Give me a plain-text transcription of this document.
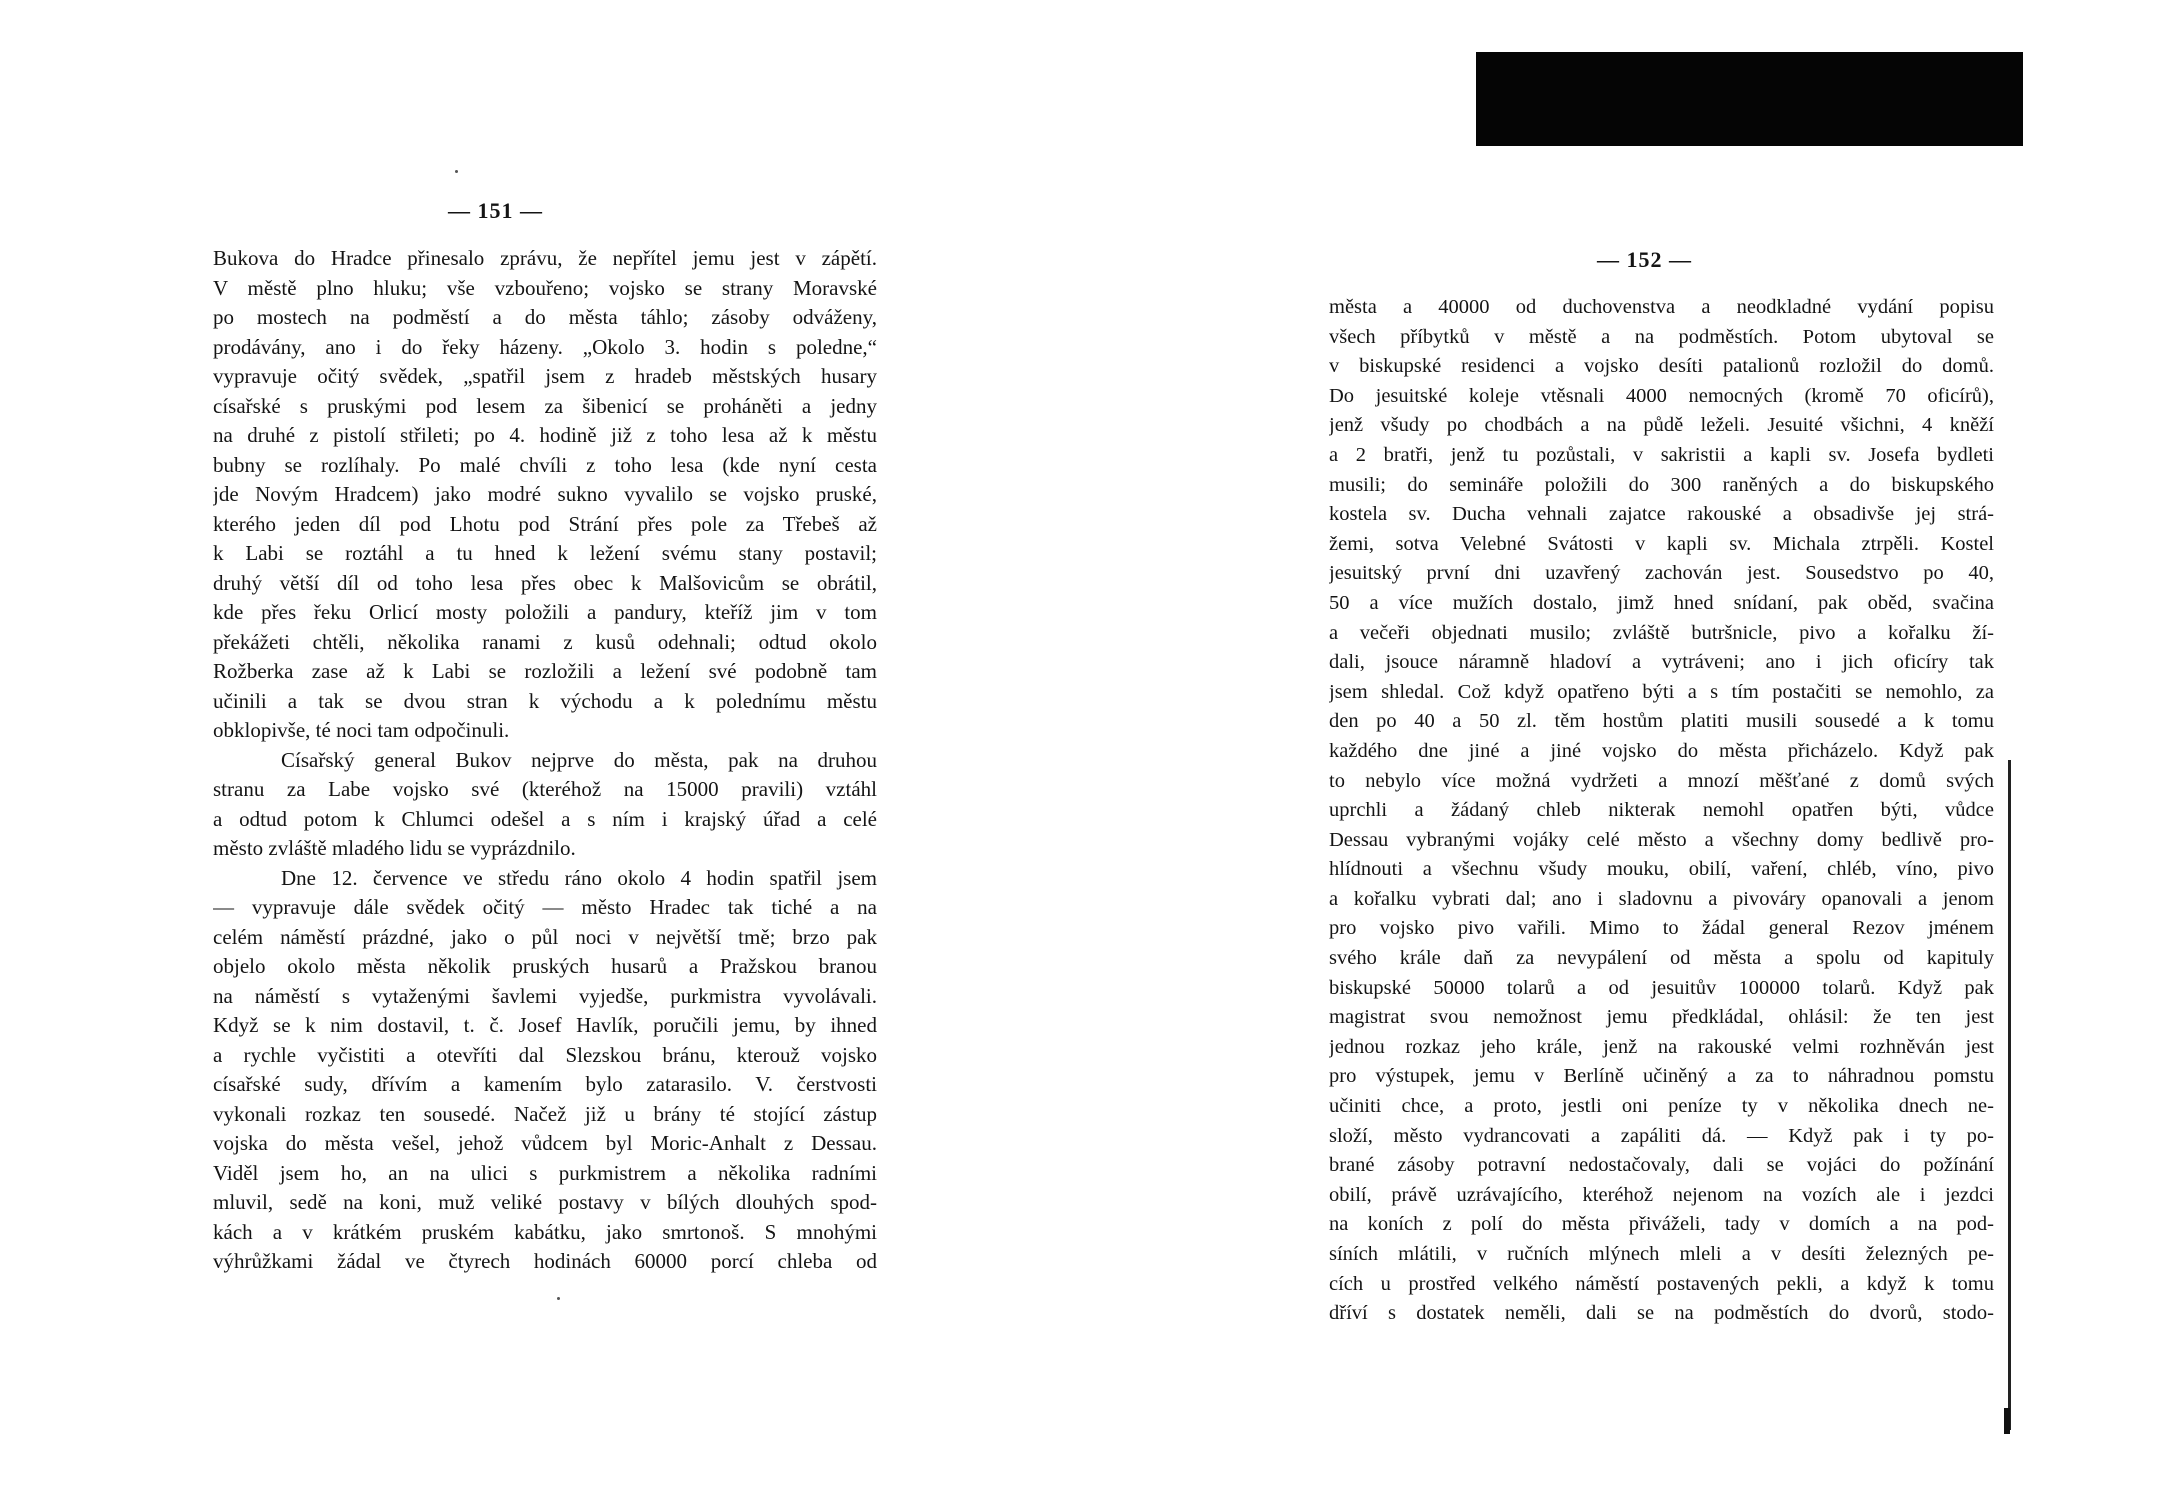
— 151 —
Bukova do Hradce přinesalo zprávu, že nepřítel jemu jest v zápětí.
V městě plno hluku; vše vzbouřeno; vojsko se strany Moravské
po mostech na podměstí a do města táhlo; zásoby odváženy,
prodávány, ano i do řeky házeny. „Okolo 3. hodin s poledne,“
vypravuje očitý svědek, „spatřil jsem z hradeb městských husary
císařské s pruskými pod lesem za šibenicí se proháněti a jedny
na druhé z pistolí střileti; po 4. hodině již z toho lesa až k městu
bubny se rozlíhaly. Po malé chvíli z toho lesa (kde nyní cesta
jde Novým Hradcem) jako modré sukno vyvalilo se vojsko pruské,
kterého jeden díl pod Lhotu pod Strání přes pole za Třebeš až
k Labi se roztáhl a tu hned k ležení svému stany postavil;
druhý větší díl od toho lesa přes obec k Malšovicům se obrátil,
kde přes řeku Orlicí mosty položili a pandury, kteříž jim v tom
překážeti chtěli, několika ranami z kusů odehnali; odtud okolo
Rožberka zase až k Labi se rozložili a ležení své podobně tam
učinili a tak se dvou stran k východu a k polednímu městu
obklopivše, té noci tam odpočinuli.
Císařský general Bukov nejprve do města, pak na druhou
stranu za Labe vojsko své (kteréhož na 15000 pravili) vztáhl
a odtud potom k Chlumci odešel a s ním i krajský úřad a celé
město zvláště mladého lidu se vyprázdnilo.
Dne 12. července ve středu ráno okolo 4 hodin spatřil jsem
— vypravuje dále svědek očitý — město Hradec tak tiché a na
celém náměstí prázdné, jako o půl noci v největší tmě; brzo pak
objelo okolo města několik pruských husarů a Pražskou branou
na náměstí s vytaženými šavlemi vyjedše, purkmistra vyvolávali.
Když se k nim dostavil, t. č. Josef Havlík, poručili jemu, by ihned
a rychle vyčistiti a otevříti dal Slezskou bránu, kterouž vojsko
císařské sudy, dřívím a kamením bylo zatarasilo. V. čerstvosti
vykonali rozkaz ten sousedé. Načež již u brány té stojící zástup
vojska do města vešel, jehož vůdcem byl Moric-Anhalt z Dessau.
Viděl jsem ho, an na ulici s purkmistrem a několika radními
mluvil, sedě na koni, muž veliké postavy v bílých dlouhých spod-
kách a v krátkém pruském kabátku, jako smrtonoš. S mnohými
výhrůžkami žádal ve čtyrech hodinách 60000 porcí chleba od
— 152 —
města a 40000 od duchovenstva a neodkladné vydání popisu
všech příbytků v městě a na podměstích. Potom ubytoval se
v biskupské residenci a vojsko desíti patalionů rozložil do domů.
Do jesuitské koleje vtěsnali 4000 nemocných (kromě 70 oficírů),
jenž všudy po chodbách a na půdě leželi. Jesuité všichni, 4 kněží
a 2 bratři, jenž tu pozůstali, v sakristii a kapli sv. Josefa bydleti
musili; do semináře položili do 300 raněných a do biskupského
kostela sv. Ducha vehnali zajatce rakouské a obsadivše jej strá-
žemi, sotva Velebné Svátosti v kapli sv. Michala ztrpěli. Kostel
jesuitský první dni uzavřený zachován jest. Sousedstvo po 40,
50 a více mužích dostalo, jimž hned snídaní, pak oběd, svačina
a večeři objednati musilo; zvláště butršnicle, pivo a kořalku ží-
dali, jsouce náramně hladoví a vytráveni; ano i jich oficíry tak
jsem shledal. Což když opatřeno býti a s tím postačiti se nemohlo, za
den po 40 a 50 zl. těm hostům platiti musili sousedé a k tomu
každého dne jiné a jiné vojsko do města přicházelo. Když pak
to nebylo více možná vydržeti a mnozí měšťané z domů svých
uprchli a žádaný chleb nikterak nemohl opatřen býti, vůdce
Dessau vybranými vojáky celé město a všechny domy bedlivě pro-
hlídnouti a všechnu všudy mouku, obilí, vaření, chléb, víno, pivo
a kořalku vybrati dal; ano i sladovnu a pivováry opanovali a jenom
pro vojsko pivo vařili. Mimo to žádal general Rezov jménem
svého krále daň za nevypálení od města a spolu od kapituly
biskupské 50000 tolarů a od jesuitův 100000 tolarů. Když pak
magistrat svou nemožnost jemu předkládal, ohlásil: že ten jest
jednou rozkaz jeho krále, jenž na rakouské velmi rozhněván jest
pro výstupek, jemu v Berlíně učiněný a za to náhradnou pomstu
učiniti chce, a proto, jestli oni peníze ty v několika dnech ne-
složí, město vydrancovati a zapáliti dá. — Když pak i ty po-
brané zásoby potravní nedostačovaly, dali se vojáci do požínání
obilí, právě uzrávajícího, kteréhož nejenom na vozích ale i jezdci
na koních z polí do města přiváželi, tady v domích a na pod-
síních mlátili, v ručních mlýnech mleli a v desíti železných pe-
cích u prostřed velkého náměstí postavených pekli, a když k tomu
dříví s dostatek neměli, dali se na podměstích do dvorů, stodo-
